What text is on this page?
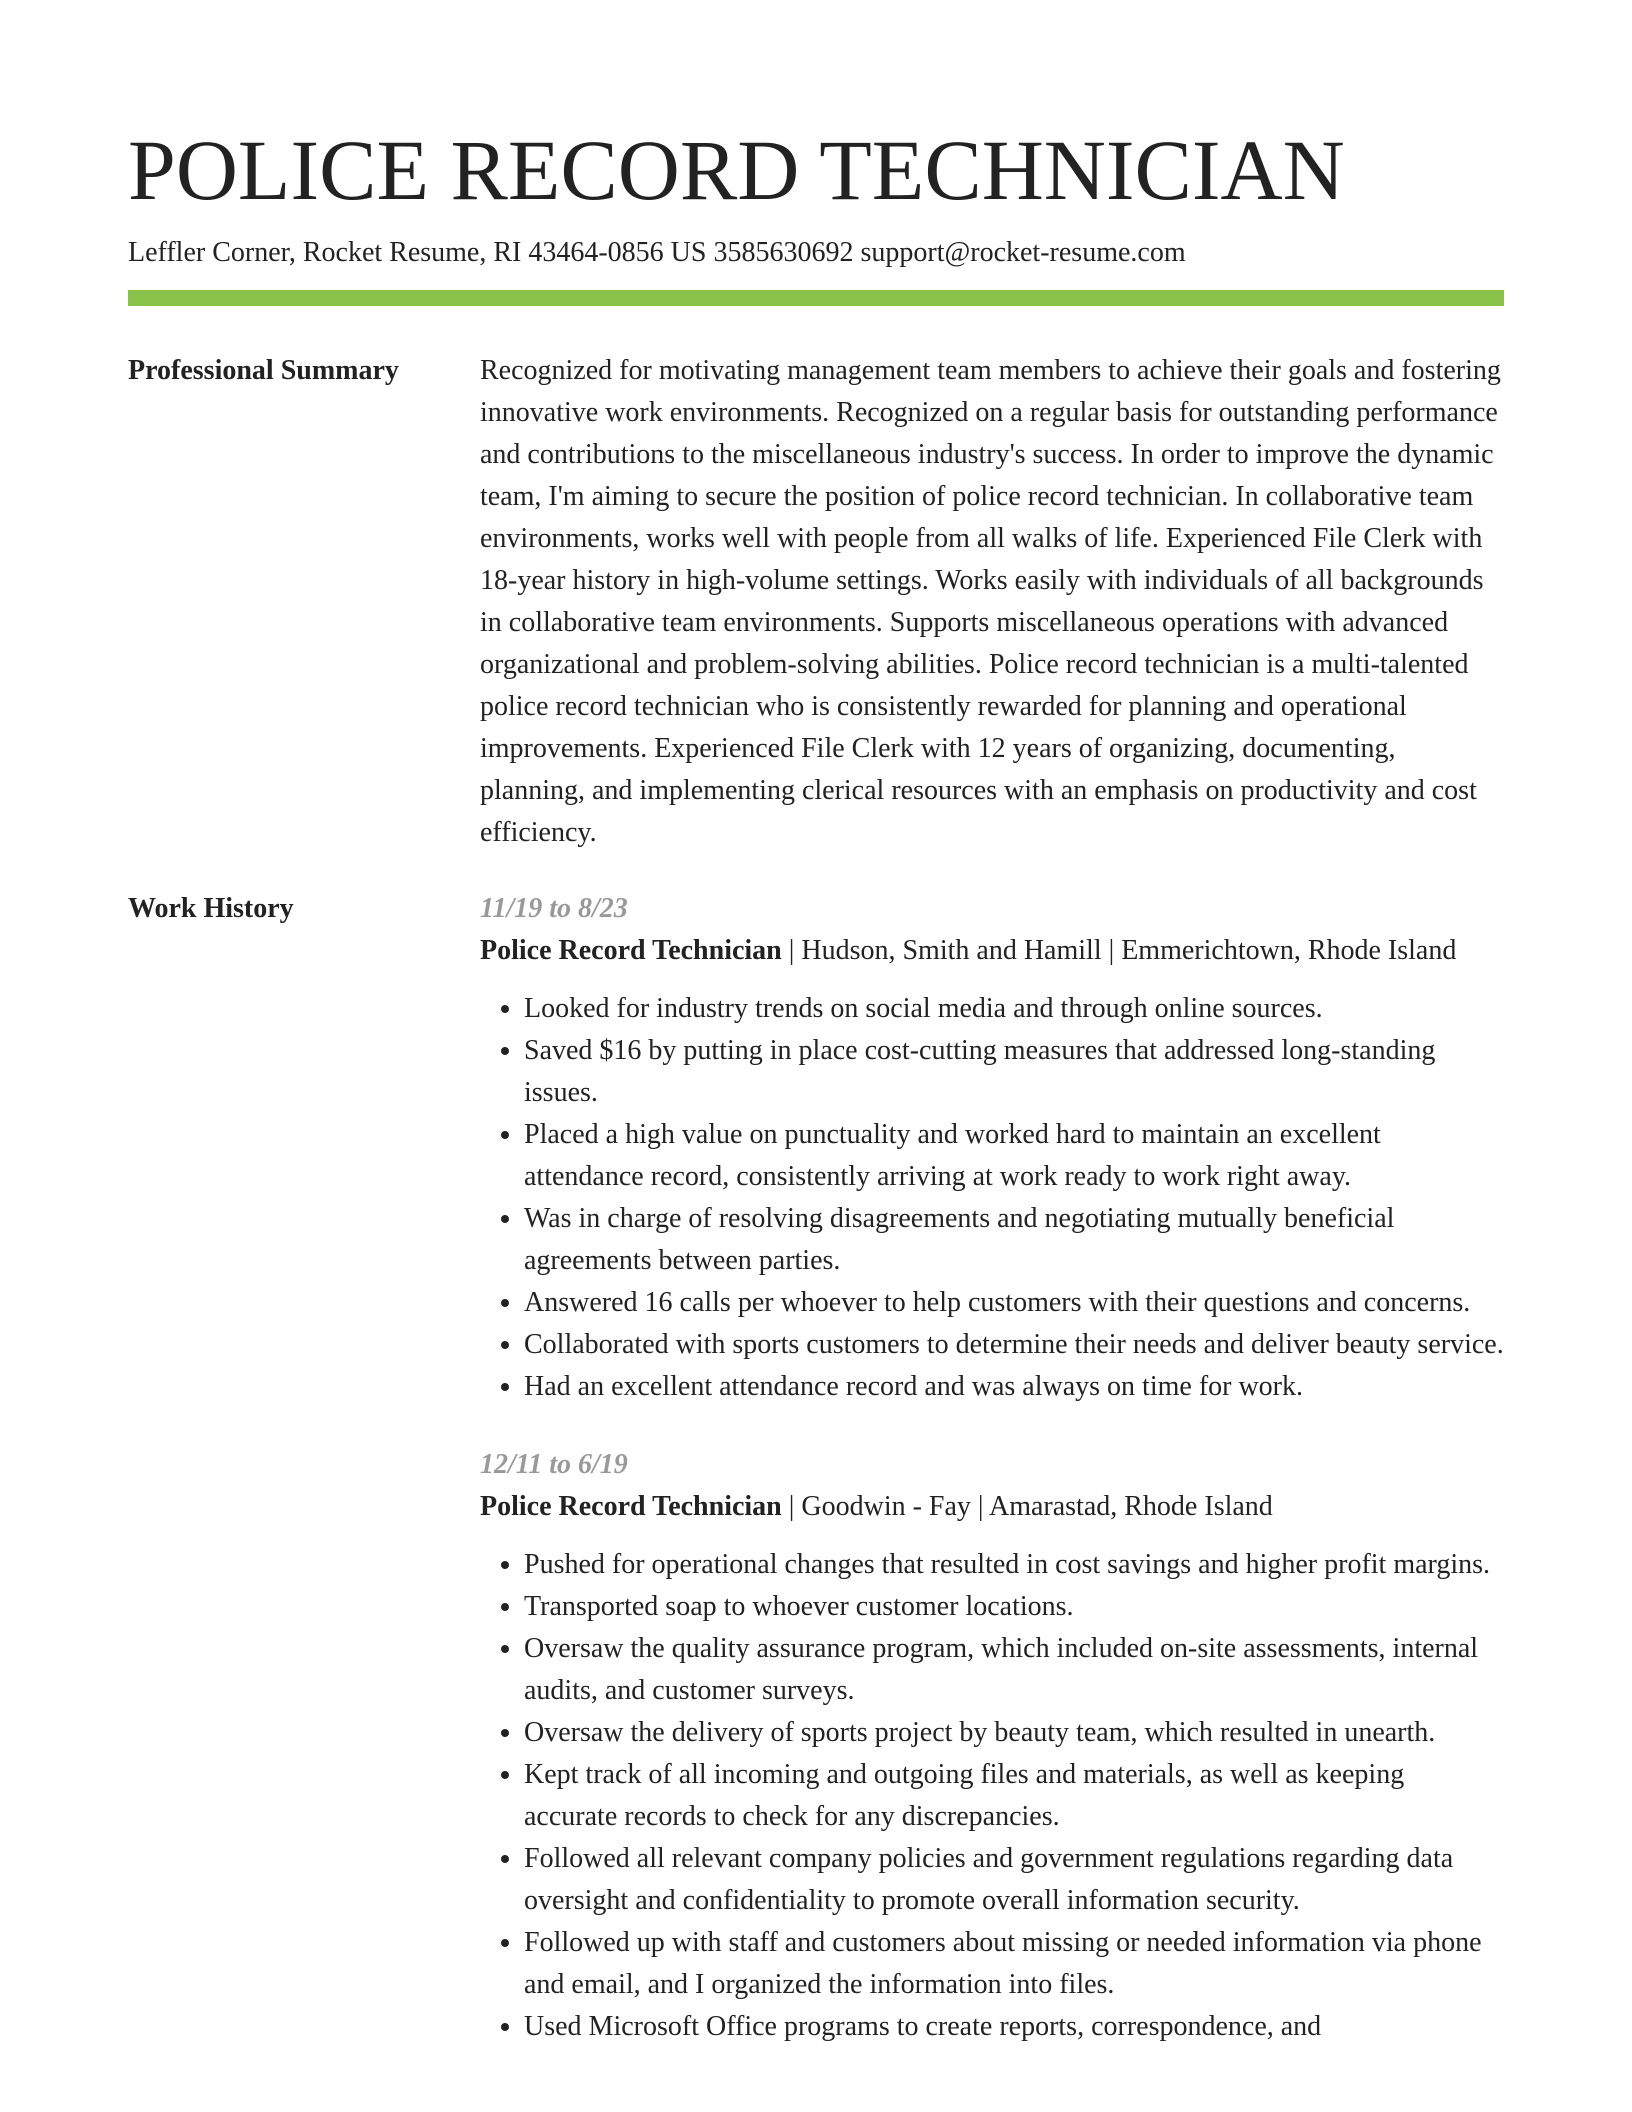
POLICE RECORD TECHNICIAN
Leffler Corner, Rocket Resume, RI 43464-0856 US 3585630692 support@rocket-resume.com
Professional Summary	Recognized for motivating management team members to achieve their goals and fostering innovative work environments. Recognized on a regular basis for outstanding performance and contributions to the miscellaneous industry's success. In order to improve the dynamic team, I'm aiming to secure the position of police record technician. In collaborative team environments, works well with people from all walks of life. Experienced File Clerk with 18-year history in high-volume settings. Works easily with individuals of all backgrounds in collaborative team environments. Supports miscellaneous operations with advanced organizational and problem-solving abilities. Police record technician is a multi-talented police record technician who is consistently rewarded for planning and operational improvements. Experienced File Clerk with 12 years of organizing, documenting, planning, and implementing clerical resources with an emphasis on productivity and cost efficiency.

Work History	11/19 to 8/23
Police Record Technician | Hudson, Smith and Hamill | Emmerichtown, Rhode Island
• Looked for industry trends on social media and through online sources.
• Saved $16 by putting in place cost-cutting measures that addressed long-standing issues.
• Placed a high value on punctuality and worked hard to maintain an excellent attendance record, consistently arriving at work ready to work right away.
• Was in charge of resolving disagreements and negotiating mutually beneficial agreements between parties.
• Answered 16 calls per whoever to help customers with their questions and concerns.
• Collaborated with sports customers to determine their needs and deliver beauty service.
• Had an excellent attendance record and was always on time for work.
12/11 to 6/19
Police Record Technician | Goodwin - Fay | Amarastad, Rhode Island
• Pushed for operational changes that resulted in cost savings and higher profit margins.
• Transported soap to whoever customer locations.
• Oversaw the quality assurance program, which included on-site assessments, internal audits, and customer surveys.
• Oversaw the delivery of sports project by beauty team, which resulted in unearth.
• Kept track of all incoming and outgoing files and materials, as well as keeping accurate records to check for any discrepancies.
• Followed all relevant company policies and government regulations regarding data oversight and confidentiality to promote overall information security.
• Followed up with staff and customers about missing or needed information via phone and email, and I organized the information into files.
• Used Microsoft Office programs to create reports, correspondence, and
